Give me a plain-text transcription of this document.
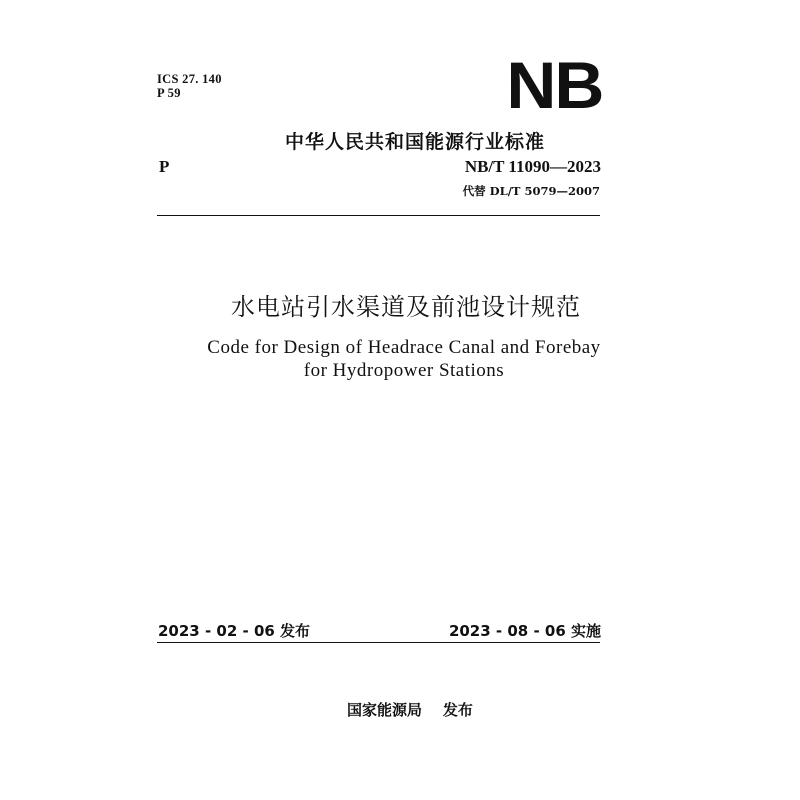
ICS 27. 140
P 59	NB
中华人民共和国能源行业标准
P	NB/T 11090—2023
代替 DL/T 5079—2007
水电站引水渠道及前池设计规范
Code for Design of Headrace Canal and Forebay
for Hydropower Stations
2023 - 02 - 06 发布	2023 - 08 - 06 实施
国家能源局    发布
